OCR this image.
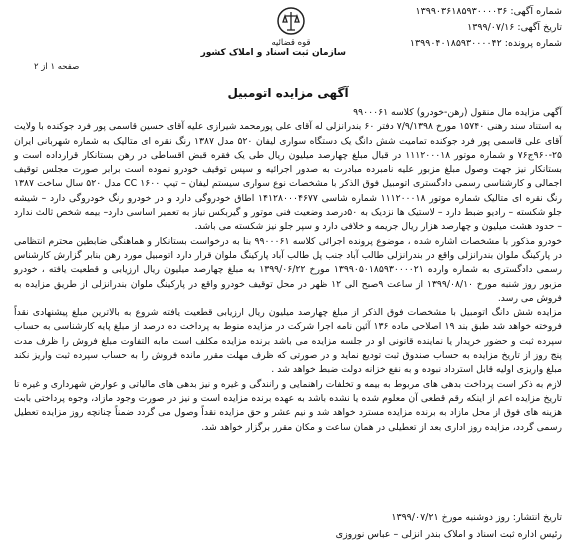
شماره آگهی: ۱۳۹۹۰۳۶۱۸۵۹۳۰۰۰۰۳۶
تاریخ آگهی: ۱۳۹۹/۰۷/۱۶
شماره پرونده: ۱۳۹۹۰۴۰۱۸۵۹۳۰۰۰۰۴۲
قوه قضائیه
سازمان ثبت اسناد و املاک کشور
صفحه ۱ از ۲
آگهی مزایده اتومبیل

آگهی مزایده مال منقول (رهن-خودرو) کلاسه ۹۹۰۰۰۶۱

به استناد سند رهنی ۱۵۷۴۰ مورخ ۷/۹/۱۳۹۸ دفتر ۶۰ بندرانزلی له آقای علی پورمحمد شیرازی علیه آقای حسین قاسمی پور فرد جوکنده با ولایت آقای علی قاسمی پور فرد جوکنده تمامیت شش دانگ یک دستگاه سواری لیفان ۵۲۰ مدل ۱۳۸۷ رنگ نقره ای متالیک به شماره شهربانی ایران ۲۵-۹۶۰ج۷۶ و شماره موتور ۱۱۱۲۰۰۰۱۸ در قبال مبلغ چهارصد میلیون ریال طی یک فقره قبض اقساطی در رهن بستانکار قرارداده است و بستانکار نیز جهت وصول مبلغ مزبور علیه نامبرده مبادرت به صدور اجرائیه و سپس توقیف خودرو نموده است برابر صورت مجلس توقیف اجمالی و کارشناسی رسمی دادگستری اتومبیل فوق الذکر با مشخصات نوع سواری سیستم لیفان – تیپ ۱۶۰۰ CC مدل ۵۲۰ سال ساخت ۱۳۸۷ رنگ نقره ای متالیک شماره موتور ۱۱۱۲۰۰۰۱۸ شماره شاسی ۱۴۱۲۸۰۰۰۴۶۷۷ اطاق خودروگی دارد و در خودرو رنگ خودروگی دارد – شیشه جلو شکسته – رادیو ضبط دارد – لاستیک ها نزدیک به ۵۰درصد وضعیت فنی موتور و گیربکس نیاز به تعمیر اساسی دارد– بیمه شخص ثالث ندارد – حدود هشت میلیون و چهارصد هزار ریال جریمه و خلافی دارد و سپر جلو نیز شکسته می باشد.

خودرو مذکور با مشخصات اشاره شده ، موضوع پرونده اجرائی کلاسه ۹۹۰۰۰۶۱ بنا به درخواست بستانکار و هماهنگی ضابطین محترم انتظامی در پارکینگ ملوان بندرانزلی واقع در بندرانزلی طالب آباد جنب پل طالب آباد پارکینگ ملوان قرار دارد اتومبیل مورد رهن بنابر گزارش کارشناس رسمی دادگستری به شماره وارده ۱۳۹۹۰۵۰۱۸۵۹۳۰۰۰۰۲۱ مورخ ۱۳۹۹/۰۶/۲۲ به مبلغ چهارصد میلیون ریال ارزیابی و قطعیت یافته ، خودرو مزبور روز شنبه مورخ ۱۳۹۹/۰۸/۱۰ از ساعت ۹صبح الی ۱۲ ظهر در محل توقیف خودرو واقع در پارکینگ ملوان بندرانزلی از طریق مزایده به فروش می رسد.

مزایده شش دانگ اتومبیل با مشخصات فوق الذکر از مبلغ چهارصد میلیون ریال ارزیابی قطعیت یافته شروع به بالاترین مبلغ پیشنهادی نقداً فروخته خواهد شد طبق بند ۱۹ اصلاحی ماده ۱۳۶ آئین نامه اجرا شرکت در مزایده منوط به پرداخت ده درصد از مبلغ پایه کارشناسی به حساب سپرده ثبت و حضور خریدار یا نماینده قانونی او در جلسه مزایده می باشد برنده مزایده مکلف است مابه التفاوت مبلغ فروش را ظرف مدت پنج روز از تاریخ مزایده به حساب صندوق ثبت تودیع نماید و در صورتی که ظرف مهلت مقرر مانده فروش را به حساب سپرده ثبت واریز نکند مبلغ واریزی اولیه قابل استرداد نبوده و به نفع خزانه دولت ضبط خواهد شد .

لازم به ذکر است پرداخت بدهی های مربوط به بیمه و تخلفات راهنمایی و رانندگی و غیره و نیز بدهی های مالیاتی و عوارض شهرداری و غیره تا تاریخ مزایده اعم از اینکه رقم قطعی آن معلوم شده یا نشده باشد به عهده برنده مزایده است و نیز در صورت وجود مازاد، وجوه پرداختی بابت هزینه های فوق از محل مازاد به برنده مزایده مسترد خواهد شد و نیم عشر و حق مزایده نقداً وصول می گردد ضمناً چنانچه روز مزایده تعطیل رسمی گردد، مزایده روز اداری بعد از تعطیلی در همان ساعت و مکان مقرر برگزار خواهد شد.

تاریخ انتشار: روز دوشنبه مورخ ۱۳۹۹/۰۷/۲۱
رئیس اداره ثبت اسناد و املاک بندر انزلی – عباس نوروزی
